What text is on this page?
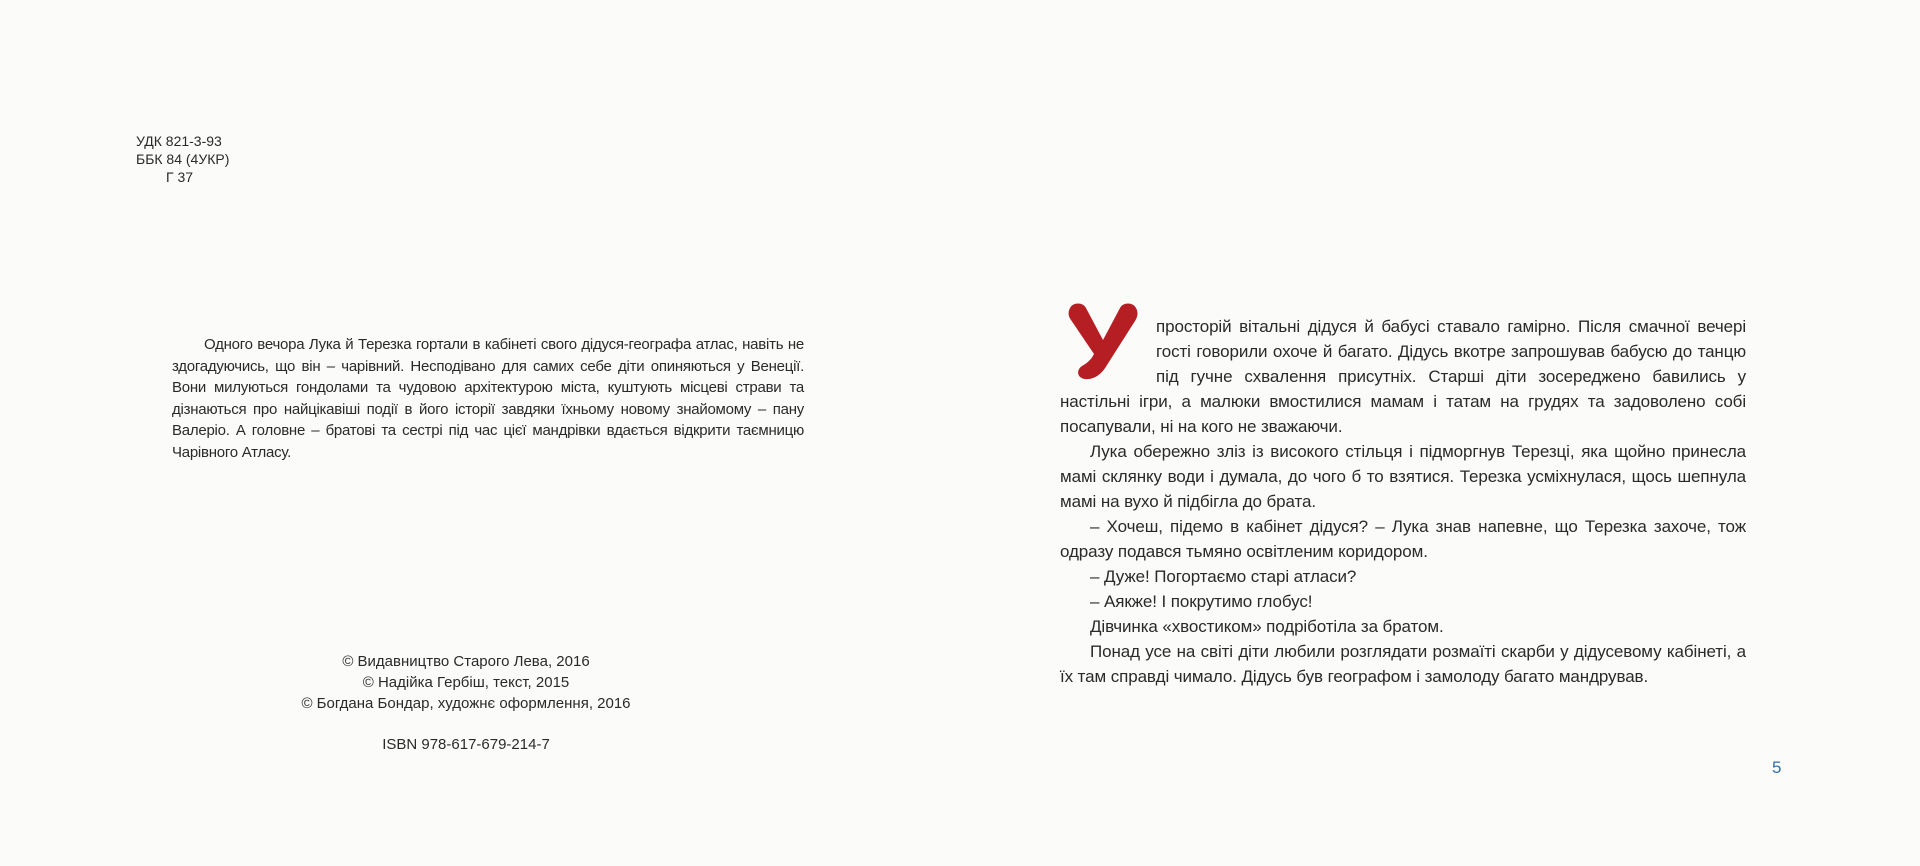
УДК 821-3-93
ББК 84 (4УКР)
Г 37

Одного вечора Лука й Терезка гортали в кабінеті свого дідуся-географа атлас, навіть не здогадуючись, що він – чарівний. Несподівано для самих себе діти опиняються у Венеції. Вони милуються гондолами та чудовою архітектурою міста, куштують місцеві страви та дізнаються про найцікавіші події в його історії завдяки їхньому новому знайомому – пану Валеріо. А головне – братові та сестрі під час цієї мандрівки вдається відкрити таємницю Чарівного Атласу.

© Видавництво Старого Лева, 2016
© Надійка Гербіш, текст, 2015
© Богдана Бондар, художнє оформлення, 2016
ISBN 978-617-679-214-7

просторій вітальні дідуся й бабусі ставало гамірно. Після смачної вечері гості говорили охоче й багато. Дідусь вкотре запрошував бабусю до танцю під гучне схвалення присутніх. Старші діти зосереджено бавились у настільні ігри, а малюки вмостилися мамам і татам на грудях та задоволено собі посапували, ні на кого не зважаючи.

Лука обережно зліз із високого стільця і підморгнув Терезці, яка щойно принесла мамі склянку води і думала, до чого б то взятися. Терезка усміхнулася, щось шепнула мамі на вухо й підбігла до брата.

– Хочеш, підемо в кабінет дідуся? – Лука знав напевне, що Терезка захоче, тож одразу подався тьмяно освітленим коридором.

– Дуже! Погортаємо старі атласи?

– Аякже! І покрутимо глобус!

Дівчинка «хвостиком» подріботіла за братом.

Понад усе на світі діти любили розглядати розмаїті скарби у дідусевому кабінеті, а їх там справді чимало. Дідусь був географом і замолоду багато мандрував.

5
